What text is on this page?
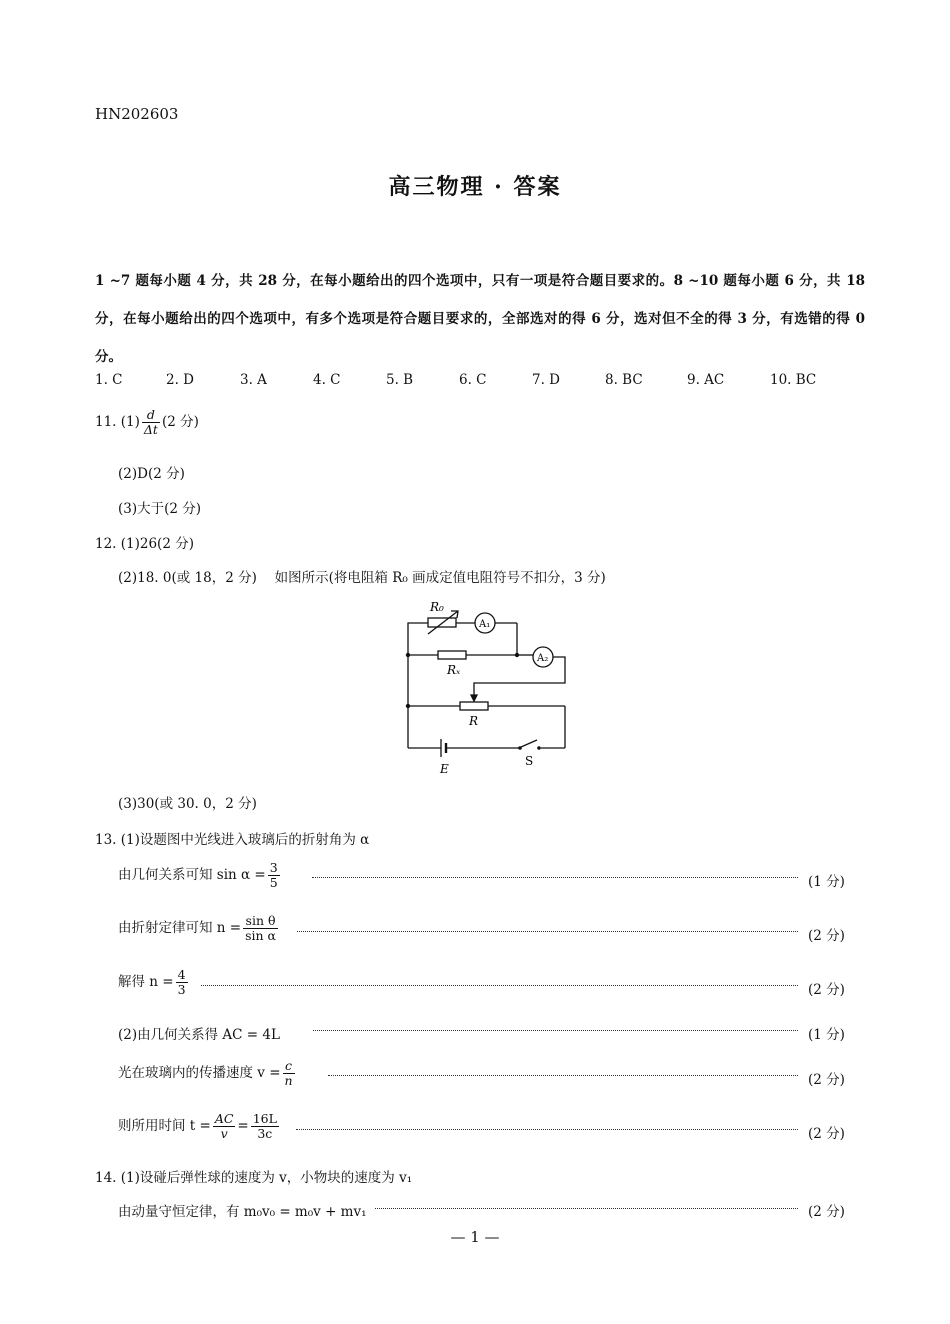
HN202603
高三物理 · 答案
1 ~7 题每小题 4 分，共 28 分，在每小题给出的四个选项中，只有一项是符合题目要求的。8 ~10 题每小题 6 分，共 18 分，在每小题给出的四个选项中，有多个选项是符合题目要求的，全部选对的得 6 分，选对但不全的得 3 分，有选错的得 0 分。
1. C	2. D	3. A	4. C	5. B	6. C	7. D	8. BC	9. AC	10. BC
11. $(1) \frac{d}{\Delta t} (2$ 分)
(2)D(2 分)
(3)大于(2 分)
12. (1)26(2 分)
(2)18. 0(或 18，2 分)　 如图所示(将电阻箱 R₀ 画成定值电阻符号不扣分，3 分)
R₀
A₁
A₂
Rₓ
R
E
S
(3)30(或 30. 0，2 分)
13. (1)设题图中光线进入玻璃后的折射角为 α
由几何关系可知 $\sin \alpha = \frac{3}{5}$	(1 分)
由折射定律可知 $n = \frac{\text{sin θ}}{\text{sin α}}$	(2 分)
解得 $n = \frac{4}{3}$	(2 分)
(2)由几何关系得 AC = 4L	(1 分)
光在玻璃内的传播速度 $v = \frac{c}{n}$	(2 分)
则所用时间 $t = \frac{AC}{v} = \frac{16L}{3c}$	(2 分)
14. (1)设碰后弹性球的速度为 v，小物块的速度为 v₁
由动量守恒定律，有 m₀v₀ = m₀v + mv₁	(2 分)
— 1 —
